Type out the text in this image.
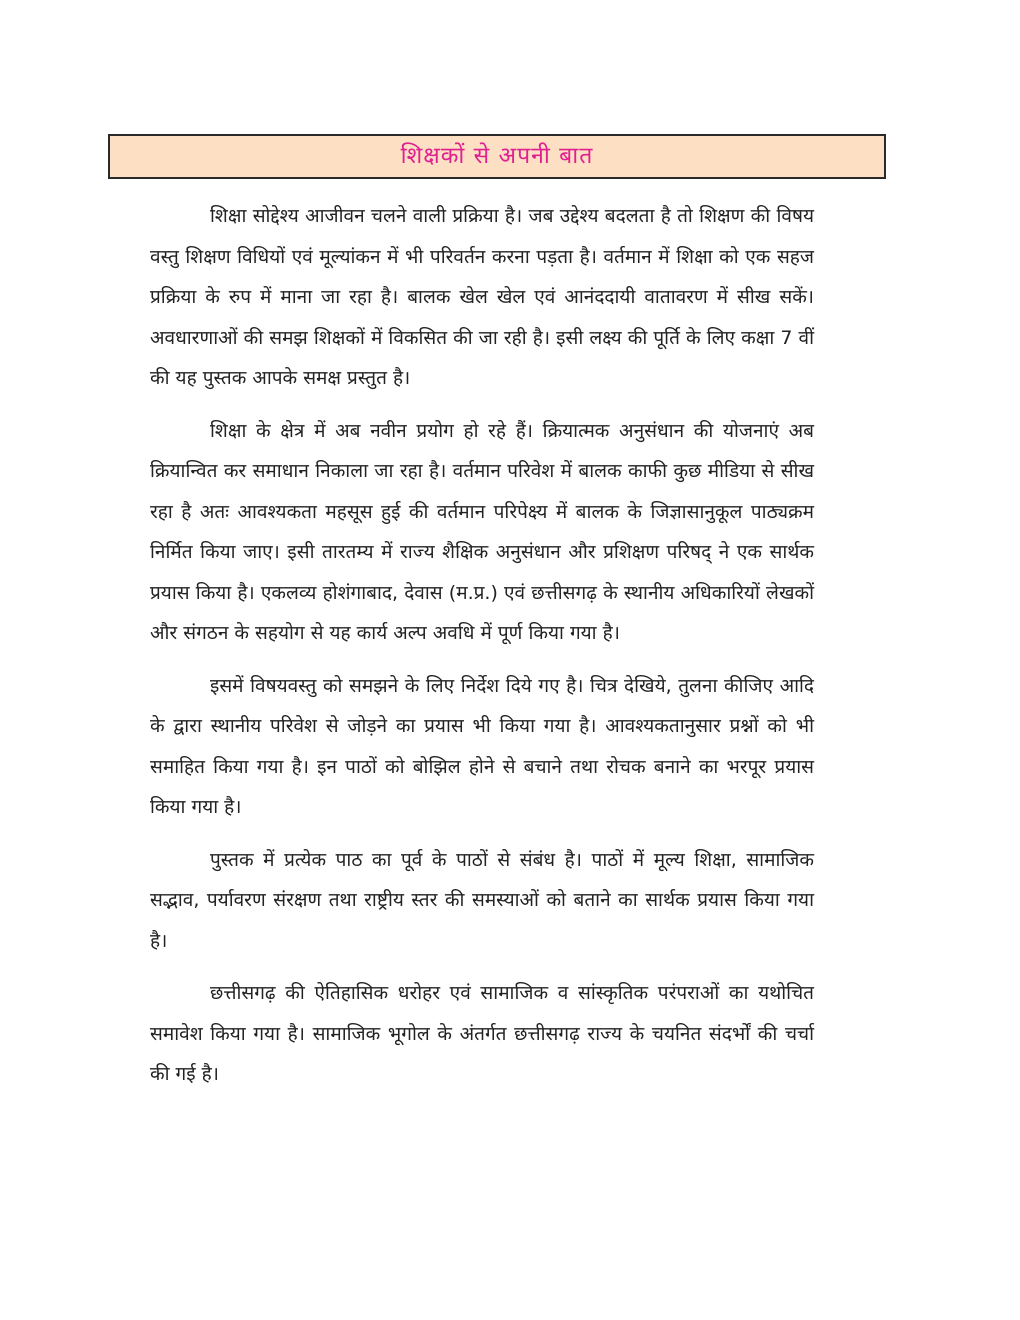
शिक्षकों से अपनी बात

शिक्षा सोद्देश्य आजीवन चलने वाली प्रक्रिया है। जब उद्देश्य बदलता है तो शिक्षण की विषय वस्तु शिक्षण विधियों एवं मूल्यांकन में भी परिवर्तन करना पड़ता है। वर्तमान में शिक्षा को एक सहज प्रक्रिया के रुप में माना जा रहा है। बालक खेल खेल एवं आनंददायी वातावरण में सीख सकें। अवधारणाओं की समझ शिक्षकों में विकसित की जा रही है। इसी लक्ष्य की पूर्ति के लिए कक्षा 7 वीं की यह पुस्तक आपके समक्ष प्रस्तुत है।

शिक्षा के क्षेत्र में अब नवीन प्रयोग हो रहे हैं। क्रियात्मक अनुसंधान की योजनाएं अब क्रियान्वित कर समाधान निकाला जा रहा है। वर्तमान परिवेश में बालक काफी कुछ मीडिया से सीख रहा है अतः आवश्यकता महसूस हुई की वर्तमान परिपेक्ष्य में बालक के जिज्ञासानुकूल पाठ्यक्रम निर्मित किया जाए। इसी तारतम्य में राज्य शैक्षिक अनुसंधान और प्रशिक्षण परिषद् ने एक सार्थक प्रयास किया है। एकलव्य होशंगाबाद, देवास (म.प्र.) एवं छत्तीसगढ़ के स्थानीय अधिकारियों लेखकों और संगठन के सहयोग से यह कार्य अल्प अवधि में पूर्ण किया गया है।

इसमें विषयवस्तु को समझने के लिए निर्देश दिये गए है। चित्र देखिये, तुलना कीजिए आदि के द्वारा स्थानीय परिवेश से जोड़ने का प्रयास भी किया गया है। आवश्यकतानुसार प्रश्नों को भी समाहित किया गया है। इन पाठों को बोझिल होने से बचाने तथा रोचक बनाने का भरपूर प्रयास किया गया है।

पुस्तक में प्रत्येक पाठ का पूर्व के पाठों से संबंध है। पाठों में मूल्य शिक्षा, सामाजिक सद्भाव, पर्यावरण संरक्षण तथा राष्ट्रीय स्तर की समस्याओं को बताने का सार्थक प्रयास किया गया है।

छत्तीसगढ़ की ऐतिहासिक धरोहर एवं सामाजिक व सांस्कृतिक परंपराओं का यथोचित समावेश किया गया है। सामाजिक भूगोल के अंतर्गत छत्तीसगढ़ राज्य के चयनित संदर्भों की चर्चा की गई है।
